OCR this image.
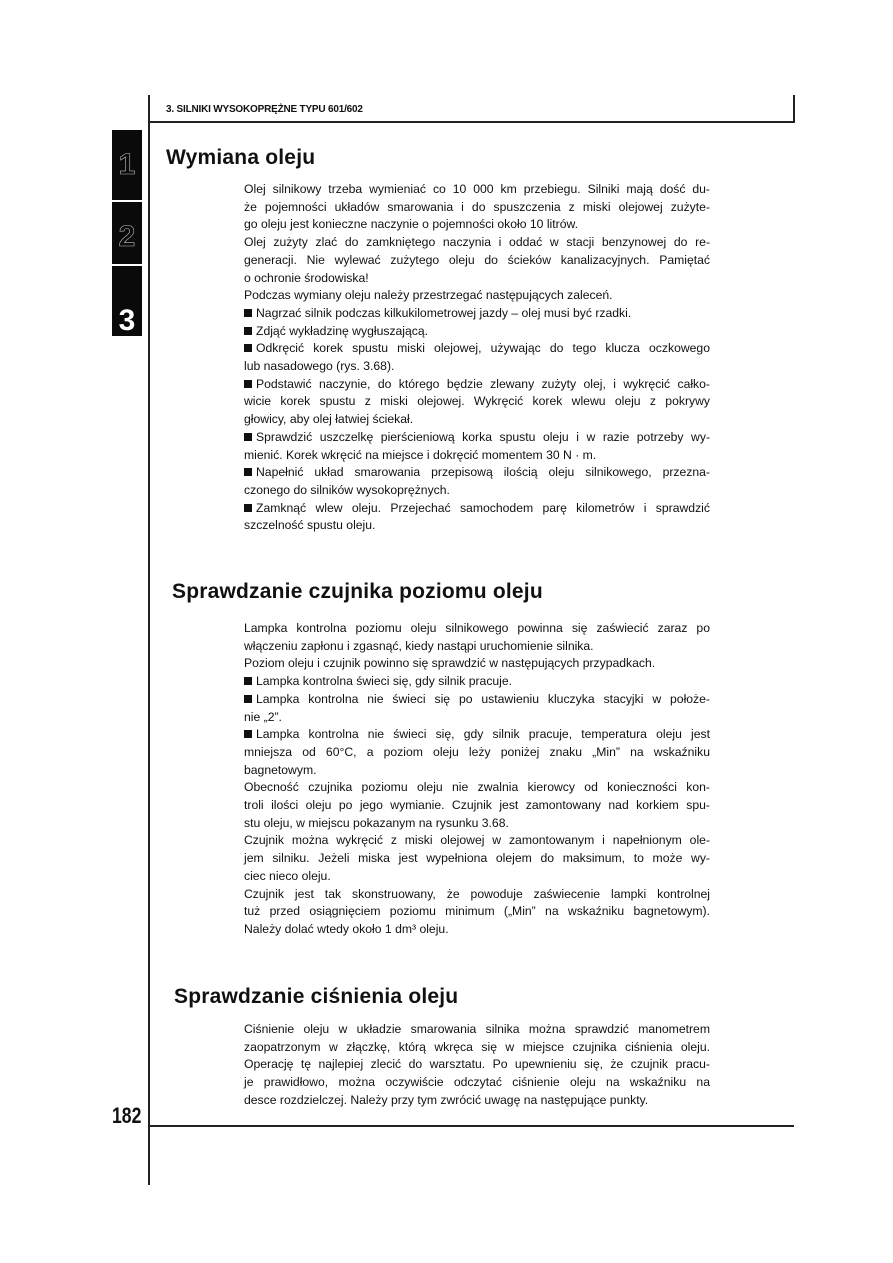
1
2
3
3. SILNIKI WYSOKOPRĘŻNE TYPU 601/602
182
Wymiana oleju
Olej silnikowy trzeba wymieniać co 10 000 km przebiegu. Silniki mają dość du-
że pojemności układów smarowania i do spuszczenia z miski olejowej zużyte-
go oleju jest konieczne naczynie o pojemności około 10 litrów.
Olej zużyty zlać do zamkniętego naczynia i oddać w stacji benzynowej do re-
generacji. Nie wylewać zużytego oleju do ścieków kanalizacyjnych. Pamiętać
o ochronie środowiska!
Podczas wymiany oleju należy przestrzegać następujących zaleceń.
Nagrzać silnik podczas kilkukilometrowej jazdy – olej musi być rzadki.
Zdjąć wykładzinę wygłuszającą.
Odkręcić korek spustu miski olejowej, używając do tego klucza oczkowego
lub nasadowego (rys. 3.68).
Podstawić naczynie, do którego będzie zlewany zużyty olej, i wykręcić całko-
wicie korek spustu z miski olejowej. Wykręcić korek wlewu oleju z pokrywy
głowicy, aby olej łatwiej ściekał.
Sprawdzić uszczelkę pierścieniową korka spustu oleju i w razie potrzeby wy-
mienić. Korek wkręcić na miejsce i dokręcić momentem 30 N · m.
Napełnić układ smarowania przepisową ilością oleju silnikowego, przezna-
czonego do silników wysokoprężnych.
Zamknąć wlew oleju. Przejechać samochodem parę kilometrów i sprawdzić
szczelność spustu oleju.
Sprawdzanie czujnika poziomu oleju
Lampka kontrolna poziomu oleju silnikowego powinna się zaświecić zaraz po
włączeniu zapłonu i zgasnąć, kiedy nastąpi uruchomienie silnika.
Poziom oleju i czujnik powinno się sprawdzić w następujących przypadkach.
Lampka kontrolna świeci się, gdy silnik pracuje.
Lampka kontrolna nie świeci się po ustawieniu kluczyka stacyjki w położe-
nie „2”.
Lampka kontrolna nie świeci się, gdy silnik pracuje, temperatura oleju jest
mniejsza od 60°C, a poziom oleju leży poniżej znaku „Min” na wskaźniku
bagnetowym.
Obecność czujnika poziomu oleju nie zwalnia kierowcy od konieczności kon-
troli ilości oleju po jego wymianie. Czujnik jest zamontowany nad korkiem spu-
stu oleju, w miejscu pokazanym na rysunku 3.68.
Czujnik można wykręcić z miski olejowej w zamontowanym i napełnionym ole-
jem silniku. Jeżeli miska jest wypełniona olejem do maksimum, to może wy-
ciec nieco oleju.
Czujnik jest tak skonstruowany, że powoduje zaświecenie lampki kontrolnej
tuż przed osiągnięciem poziomu minimum („Min” na wskaźniku bagnetowym).
Należy dolać wtedy około 1 dm³ oleju.
Sprawdzanie ciśnienia oleju
Ciśnienie oleju w układzie smarowania silnika można sprawdzić manometrem
zaopatrzonym w złączkę, którą wkręca się w miejsce czujnika ciśnienia oleju.
Operację tę najlepiej zlecić do warsztatu. Po upewnieniu się, że czujnik pracu-
je prawidłowo, można oczywiście odczytać ciśnienie oleju na wskaźniku na
desce rozdzielczej. Należy przy tym zwrócić uwagę na następujące punkty.
